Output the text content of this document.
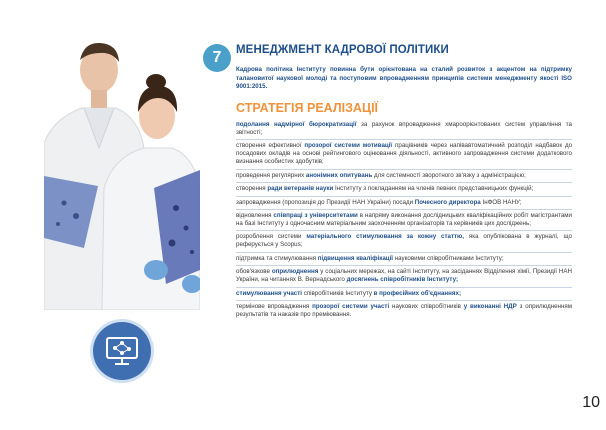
7	МЕНЕДЖМЕНТ КАДРОВОЇ ПОЛІТИКИ
Кадрова політика Інституту повинна бути орієнтована на сталий розвиток з акцентом на підтримку талановитої наукової молоді та поступовим впровадженням принципів системи менеджменту якості ISO 9001:2015.
СТРАТЕГІЯ РЕАЛІЗАЦІЇ
подолання надмірної бюрократизації за рахунок впровадження хмароорієнтованих систем управління та звітності;
створення ефективної прозорої системи мотивації працівників через напівавтоматичний розподіл надбавок до посадових окладів на основі рейтингового оцінювання діяльності, активного запровадження системи додаткового визнання особистих здобутків;
проведення регулярних анонімних опитувань для системності зворотного зв'язку з адміністрацією;
створення ради ветеранів науки Інституту з покладанням на членів певних представницьких функцій;
запровадження (пропозиція до Президії НАН України) посади Почесного директора ІнФОВ НАНУ;
відновлення співпраці з університетами в напряму виконання дослідницьких кваліфікаційних робіт магістрантами на базі Інституту з одночасним матеріальним заохоченням організаторів та керівників цих досліджень;
розроблення системи матеріального стимулювання за кожну статтю, яка опублікована в журналі, що реферується у Scopus;
підтримка та стимулювання підвищення кваліфікації науковими співробітниками Інституту;
обов'язкове оприлюднення у соціальних мережах, на сайті Інституту, на засіданнях Відділення хімії, Президії НАН України, на читаннях В. Вернадського досягнень співробітників Інституту;
стимулювання участі співробітників Інституту в професійних об'єднаннях;
термінове впровадження прозорої системи участі наукових співробітників у виконанні НДР з оприлюдненням результатів та наказів про преміювання.
10
